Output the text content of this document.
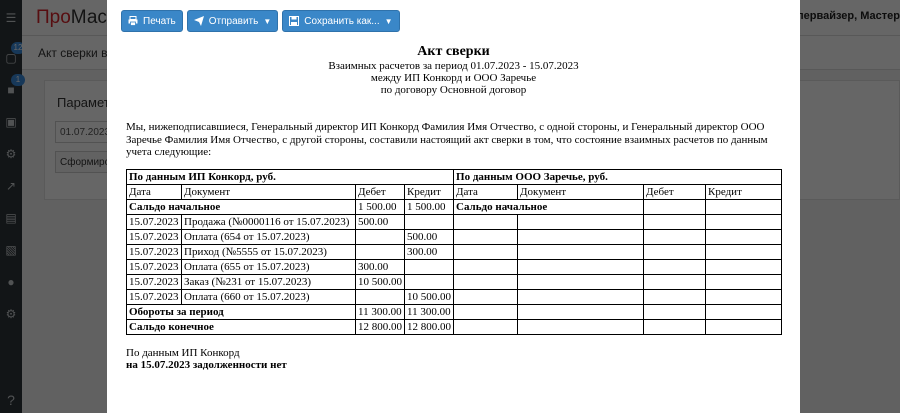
Печать	Отправить ▼	Сохранить как... ▼
Акт сверки
Взаимных расчетов за период 01.07.2023 - 15.07.2023
между ИП Конкорд и ООО Заречье
по договору Основной договор
Мы, нижеподписавшиеся, Генеральный директор ИП Конкорд Фамилия Имя Отчество, с одной стороны, и Генеральный директор ООО Заречье Фамилия Имя Отчество, с другой стороны, составили настоящий акт сверки в том, что состояние взаимных расчетов по данным учета следующие:
По данным ИП Конкорд, руб.				По данным ООО Заречье, руб.			
Дата	Документ	Дебет	Кредит	Дата	Документ	Дебет	Кредит
Сальдо начальное		1 500.00	1 500.00	Сальдо начальное			
15.07.2023	Продажа (№0000116 от 15.07.2023)	500.00					
15.07.2023	Оплата (654 от 15.07.2023)		500.00				
15.07.2023	Приход (№5555 от 15.07.2023)		300.00				
15.07.2023	Оплата (655 от 15.07.2023)	300.00					
15.07.2023	Заказ (№231 от 15.07.2023)	10 500.00					
15.07.2023	Оплата (660 от 15.07.2023)		10 500.00				
Обороты за период		11 300.00	11 300.00				
Сальдо конечное		12 800.00	12 800.00				
По данным ИП Конкорд
на 15.07.2023 задолженности нет
